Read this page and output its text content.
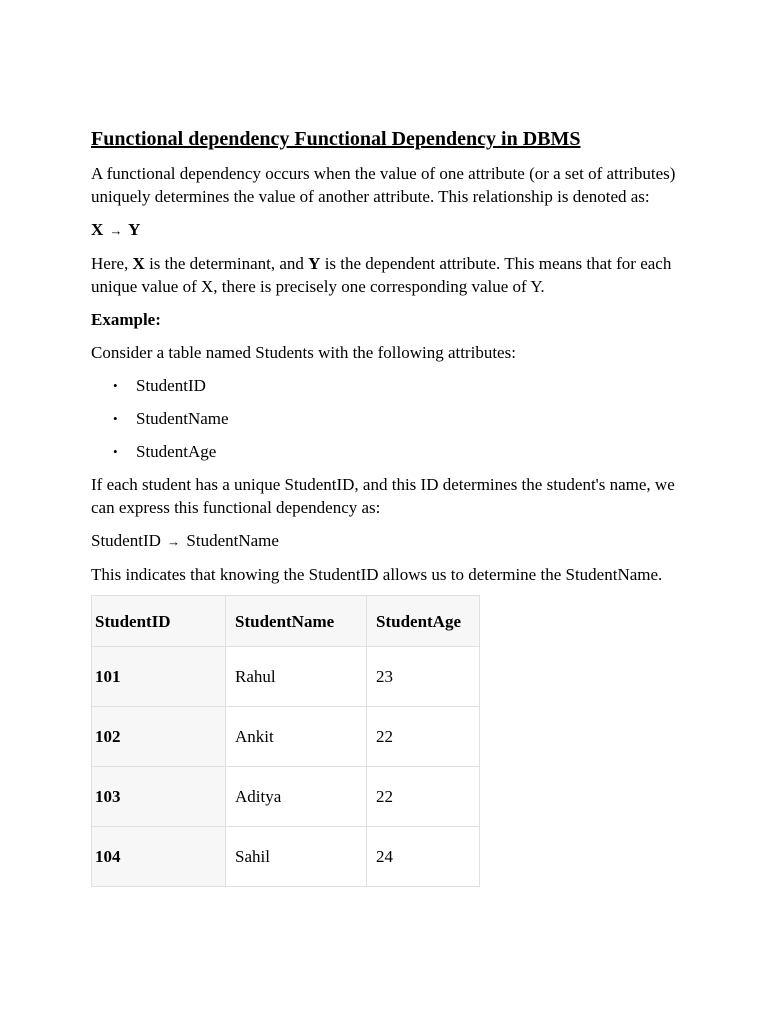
Functional dependency Functional Dependency in DBMS

A functional dependency occurs when the value of one attribute (or a set of attributes) uniquely determines the value of another attribute. This relationship is denoted as:

X → Y

Here, X is the determinant, and Y is the dependent attribute. This means that for each unique value of X, there is precisely one corresponding value of Y.

Example:

Consider a table named Students with the following attributes:

• StudentID
• StudentName
• StudentAge

If each student has a unique StudentID, and this ID determines the student's name, we can express this functional dependency as:

StudentID → StudentName

This indicates that knowing the StudentID allows us to determine the StudentName.

StudentID	StudentName	StudentAge
101	Rahul	23
102	Ankit	22
103	Aditya	22
104	Sahil	24
